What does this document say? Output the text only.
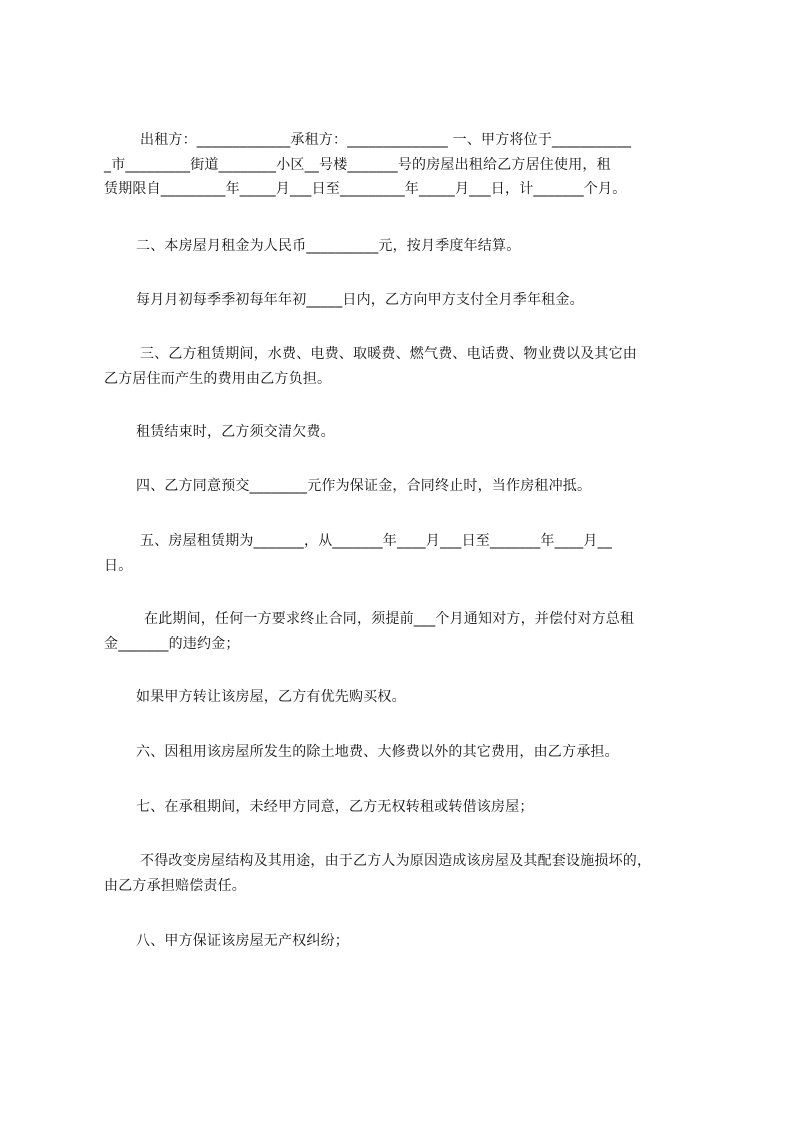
出租方：_____________承租方：______________ 一、甲方将位于___________
_市_________街道________小区__号楼_______号的房屋出租给乙方居住使用，租
赁期限自_________年_____月___日至_________年_____月___日，计_______个月。
二、本房屋月租金为人民币__________元，按月季度年结算。
每月月初每季季初每年年初_____日内，乙方向甲方支付全月季年租金。
三、乙方租赁期间，水费、电费、取暖费、燃气费、电话费、物业费以及其它由
乙方居住而产生的费用由乙方负担。
租赁结束时，乙方须交清欠费。
四、乙方同意预交________元作为保证金，合同终止时，当作房租冲抵。
五、房屋租赁期为_______，从_______年____月___日至_______年____月__
日。
在此期间，任何一方要求终止合同，须提前___个月通知对方，并偿付对方总租
金_______的违约金；
如果甲方转让该房屋，乙方有优先购买权。
六、因租用该房屋所发生的除土地费、大修费以外的其它费用，由乙方承担。
七、在承租期间，未经甲方同意，乙方无权转租或转借该房屋；
不得改变房屋结构及其用途，由于乙方人为原因造成该房屋及其配套设施损坏的，
由乙方承担赔偿责任。
八、甲方保证该房屋无产权纠纷；
